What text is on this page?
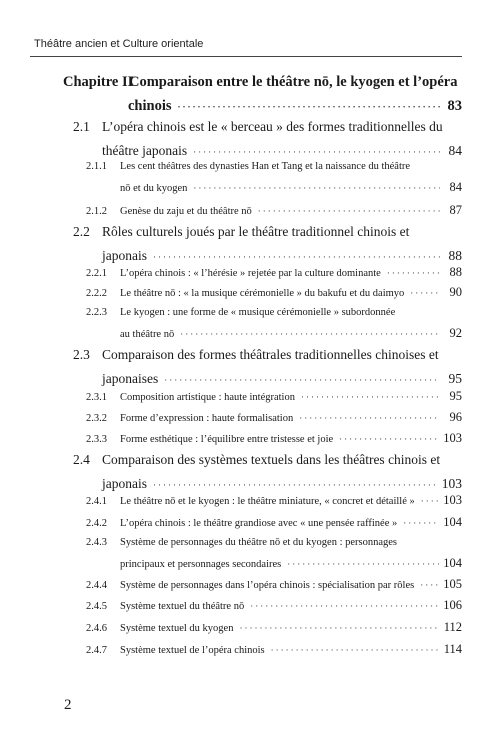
Théâtre ancien et Culture orientale
Chapitre II
Comparaison entre le théâtre nō, le kyogen et l’opéra
chinois ·····	83
2.1 L’opéra chinois est le « berceau » des formes traditionnelles du
théâtre japonais ·····	84
2.1.1	Les cent théâtres des dynasties Han et Tang et la naissance du théâtre
nō et du kyogen ·····	84
2.1.2	Genèse du zaju et du théâtre nō ·····	87
2.2 Rôles culturels joués par le théâtre traditionnel chinois et
japonais ·····	88
2.2.1	L’opéra chinois : « l’hérésie » rejetée par la culture dominante ·····	88
2.2.2	Le théâtre nō : « la musique cérémonielle » du bakufu et du daimyo ·····	90
2.2.3	Le kyogen : une forme de « musique cérémonielle » subordonnée
au théâtre nō ·····	92
2.3 Comparaison des formes théâtrales traditionnelles chinoises et
japonaises ·····	95
2.3.1	Composition artistique : haute intégration ·····	95
2.3.2	Forme d’expression : haute formalisation ·····	96
2.3.3	Forme esthétique : l’équilibre entre tristesse et joie ·····	103
2.4 Comparaison des systèmes textuels dans les théâtres chinois et
japonais ·····	103
2.4.1	Le théâtre nō et le kyogen : le théâtre miniature, « concret et détaillé » ····· 103
2.4.2	L’opéra chinois : le théâtre grandiose avec « une pensée raffinée » ·····	104
2.4.3	Système de personnages du théâtre nō et du kyogen : personnages
principaux et personnages secondaires ·····	104
2.4.4	Système de personnages dans l’opéra chinois : spécialisation par rôles ····· 105
2.4.5	Système textuel du théâtre nō ·····	106
2.4.6	Système textuel du kyogen ·····	112
2.4.7	Système textuel de l’opéra chinois ·····	114
2
